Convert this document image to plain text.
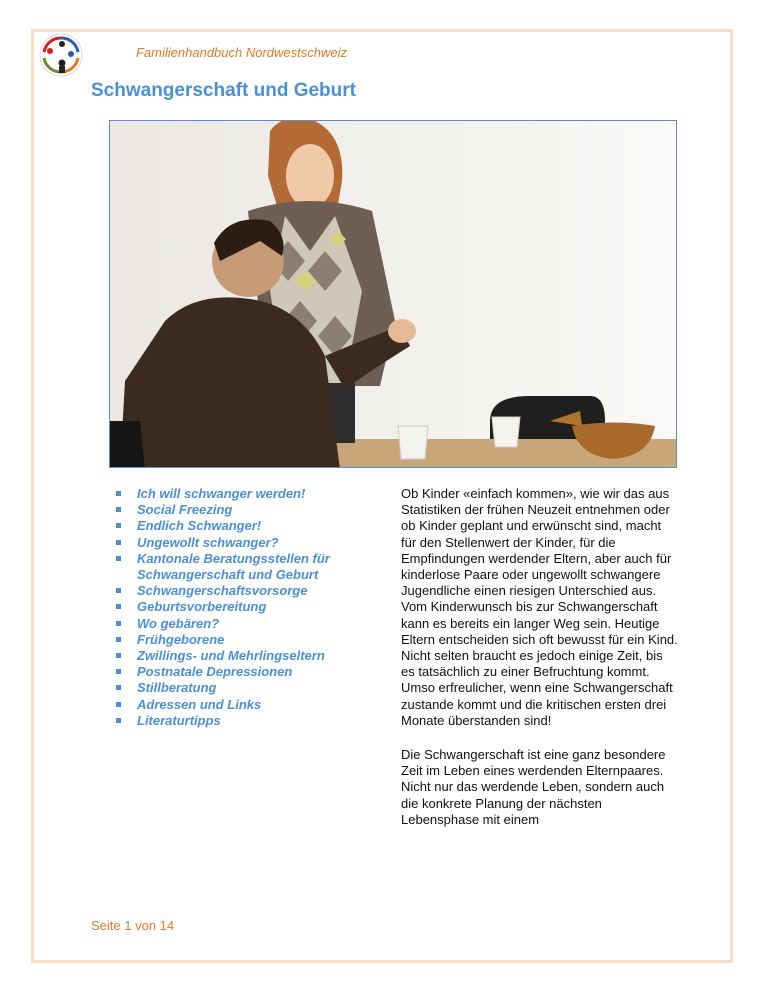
Familienhandbuch Nordwestschweiz
Schwangerschaft und Geburt
Ich will schwanger werden!
Social Freezing
Endlich Schwanger!
Ungewollt schwanger?
Kantonale Beratungsstellen für Schwangerschaft und Geburt
Schwangerschaftsvorsorge
Geburtsvorbereitung
Wo gebären?
Frühgeborene
Zwillings- und Mehrlingseltern
Postnatale Depressionen
Stillberatung
Adressen und Links
Literaturtipps

Ob Kinder «einfach kommen», wie wir das aus Statistiken der frühen Neuzeit entnehmen oder ob Kinder geplant und erwünscht sind, macht für den Stellenwert der Kinder, für die Empfindungen werdender Eltern, aber auch für kinderlose Paare oder ungewollt schwangere Jugendliche einen riesigen Unterschied aus. Vom Kinderwunsch bis zur Schwangerschaft kann es bereits ein langer Weg sein. Heutige Eltern entscheiden sich oft bewusst für ein Kind. Nicht selten braucht es jedoch einige Zeit, bis es tatsächlich zu einer Befruchtung kommt. Umso erfreulicher, wenn eine Schwangerschaft zustande kommt und die kritischen ersten drei Monate überstanden sind!

Die Schwangerschaft ist eine ganz besondere Zeit im Leben eines werdenden Elternpaares. Nicht nur das werdende Leben, sondern auch die konkrete Planung der nächsten Lebensphase mit einem

Seite 1 von 14
